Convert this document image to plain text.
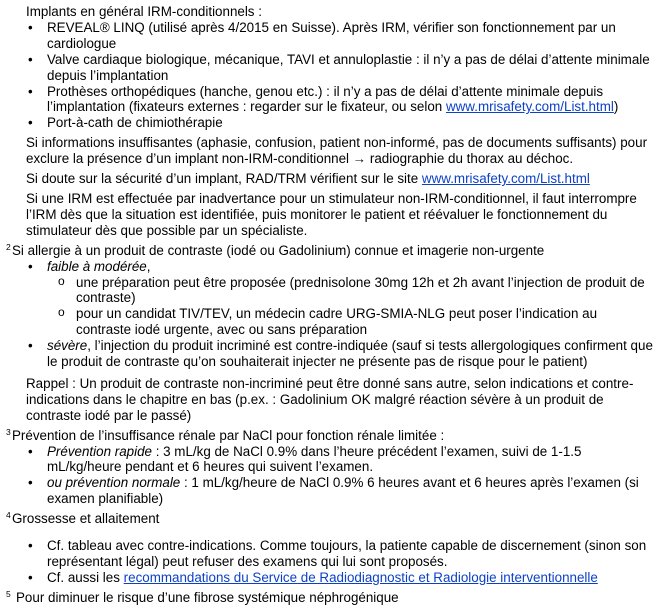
Implants en général IRM-conditionnels :

• REVEAL® LINQ (utilisé après 4/2015 en Suisse). Après IRM, vérifier son fonctionnement par un cardiologue
• Valve cardiaque biologique, mécanique, TAVI et annuloplastie : il n’y a pas de délai d’attente minimale depuis l’implantation
• Prothèses orthopédiques (hanche, genou etc.) : il n’y a pas de délai d’attente minimale depuis l’implantation (fixateurs externes : regarder sur le fixateur, ou selon www.mrisafety.com/List.html)
• Port-à-cath de chimiothérapie

Si informations insuffisantes (aphasie, confusion, patient non-informé, pas de documents suffisants) pour exclure la présence d’un implant non-IRM-conditionnel → radiographie du thorax au déchoc.

Si doute sur la sécurité d’un implant, RAD/TRM vérifient sur le site www.mrisafety.com/List.html

Si une IRM est effectuée par inadvertance pour un stimulateur non-IRM-conditionnel, il faut interrompre l’IRM dès que la situation est identifiée, puis monitorer le patient et réévaluer le fonctionnement du stimulateur dès que possible par un spécialiste.

2 Si allergie à un produit de contraste (iodé ou Gadolinium) connue et imagerie non-urgente

• faible à modérée,
o une préparation peut être proposée (prednisolone 30mg 12h et 2h avant l’injection de produit de contraste)
o pour un candidat TIV/TEV, un médecin cadre URG-SMIA-NLG peut poser l’indication au contraste iodé urgente, avec ou sans préparation
• sévère, l’injection du produit incriminé est contre-indiquée (sauf si tests allergologiques confirment que le produit de contraste qu’on souhaiterait injecter ne présente pas de risque pour le patient)

Rappel : Un produit de contraste non-incriminé peut être donné sans autre, selon indications et contre-indications dans le chapitre en bas (p.ex. : Gadolinium OK malgré réaction sévère à un produit de contraste iodé par le passé)

3 Prévention de l’insuffisance rénale par NaCl pour fonction rénale limitée :

• Prévention rapide : 3 mL/kg de NaCl 0.9% dans l’heure précédent l’examen, suivi de 1-1.5 mL/kg/heure pendant et 6 heures qui suivent l’examen.
• ou prévention normale : 1 mL/kg/heure de NaCl 0.9% 6 heures avant et 6 heures après l’examen (si examen planifiable)
4 Grossesse et allaitement

• Cf. tableau avec contre-indications. Comme toujours, la patiente capable de discernement (sinon son représentant légal) peut refuser des examens qui lui sont proposés.
• Cf. aussi les recommandations du Service de Radiodiagnostic et Radiologie interventionnelle
5 Pour diminuer le risque d’une fibrose systémique néphrogénique
